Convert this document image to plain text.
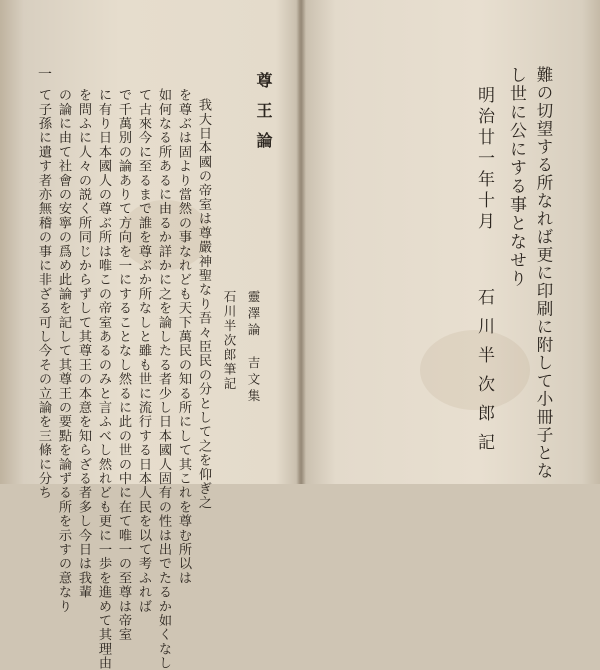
一	尊王論
靈澤論　吉文集
石川半次郎筆記
我大日本國の帝室は尊嚴神聖なり吾々臣民の分として之を仰ぎ之
を尊ぶは固より當然の事なれども天下萬民の知る所にして其これを尊む所以は
如何なる所あるに由るか詳かに之を論したる者少し日本國人固有の性は出でたるか如くなし
て古來今に至るまで誰を尊ぶか所なしと雖も世に流行する日本人民を以て考ふれば
で千萬別の論ありて方向を一にすることなし然るに此の世の中に在て唯一の至尊は帝室
に有り日本國人の尊ぶ所は唯この帝室あるのみと言ふべし然れども更に一歩を進めて其理由
を問ふに人々の説く所同じからずして其尊王の本意を知らざる者多し今日は我輩
の論に由て社會の安寧の爲め此論を記して其尊王の要點を論ずる所を示すの意なり
て子孫に遺す者亦無稽の事に非ざる可し今その立論を三條に分ち	難の切望する所なれば更に印刷に附して小冊子とな
し世に公にする事となせり
明治廿一年十月
石川半次郎記
